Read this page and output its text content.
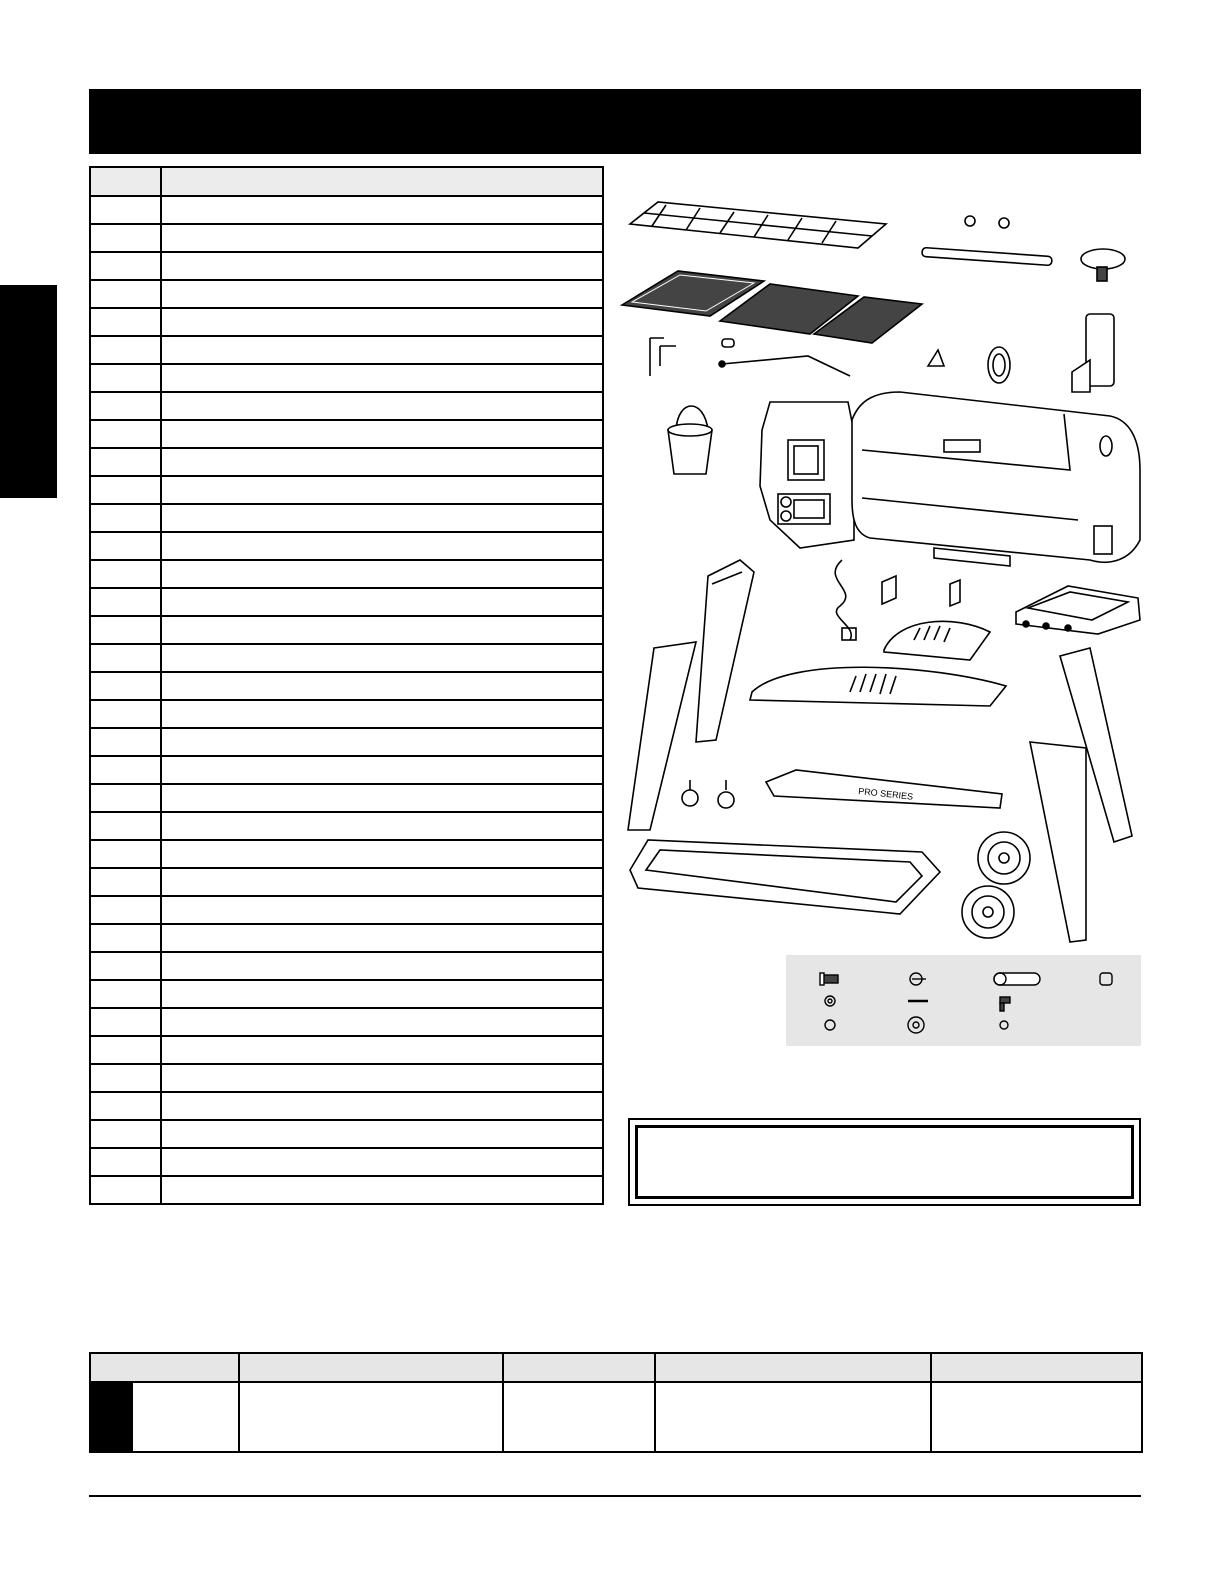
PRO SERIES
